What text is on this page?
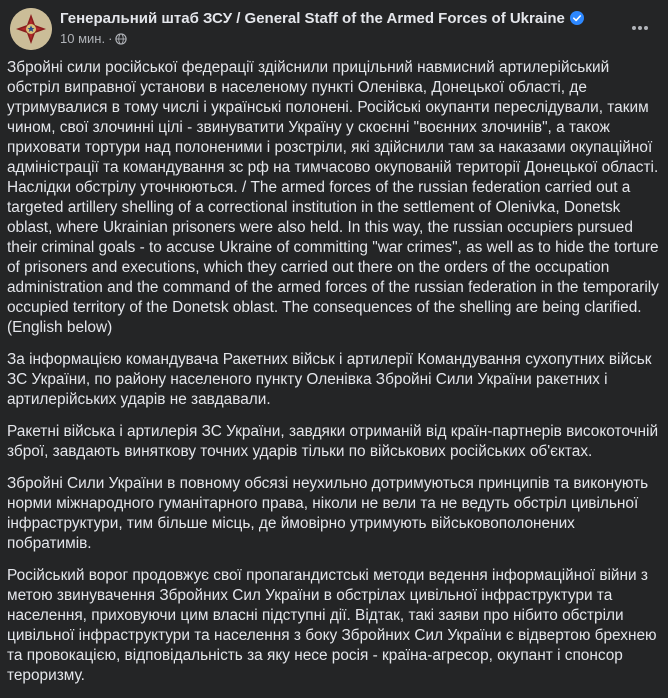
Генеральний штаб ЗСУ / General Staff of the Armed Forces of Ukraine
10 мин. ·

Збройні сили російської федерації здійснили прицільний навмисний артилерійський обстріл виправної установи в населеному пункті Оленівка, Донецької області, де утримувалися в тому числі і українські полонені. Російські окупанти переслідували, таким чином, свої злочинні цілі - звинуватити Україну у скоєнні "воєнних злочинів", а також приховати тортури над полоненими і розстріли, які здійснили там за наказами окупаційної адміністрації та командування зс рф на тимчасово окупованій території Донецької області. Наслідки обстрілу уточнюються. / The armed forces of the russian federation carried out a targeted artillery shelling of a correctional institution in the settlement of Olenivka, Donetsk oblast, where Ukrainian prisoners were also held. In this way, the russian occupiers pursued their criminal goals - to accuse Ukraine of committing "war crimes", as well as to hide the torture of prisoners and executions, which they carried out there on the orders of the occupation administration and the command of the armed forces of the russian federation in the temporarily occupied territory of the Donetsk oblast. The consequences of the shelling are being clarified. (English below)

За інформацією командувача Ракетних військ і артилерії Командування сухопутних військ ЗС України, по району населеного пункту Оленівка Збройні Сили України ракетних і артилерійських ударів не завдавали.

Ракетні війська і артилерія ЗС України, завдяки отриманій від країн-партнерів високоточній зброї, завдають виняткову точних ударів тільки по військових російських об'єктах.

Збройні Сили України в повному обсязі неухильно дотримуються принципів та виконують норми міжнародного гуманітарного права, ніколи не вели та не ведуть обстріл цивільної інфраструктури, тим більше місць, де ймовірно утримують військовополонених побратимів.

Російський ворог продовжує свої пропагандистські методи ведення інформаційної війни з метою звинувачення Збройних Сил України в обстрілах цивільної інфраструктури та населення, приховуючи цим власні підступні дії. Відтак, такі заяви про нібито обстріли цивільної інфраструктури та населення з боку Збройних Сил України є відвертою брехнею та провокацією, відповідальність за яку несе росія - країна-агресор, окупант і спонсор тероризму.
